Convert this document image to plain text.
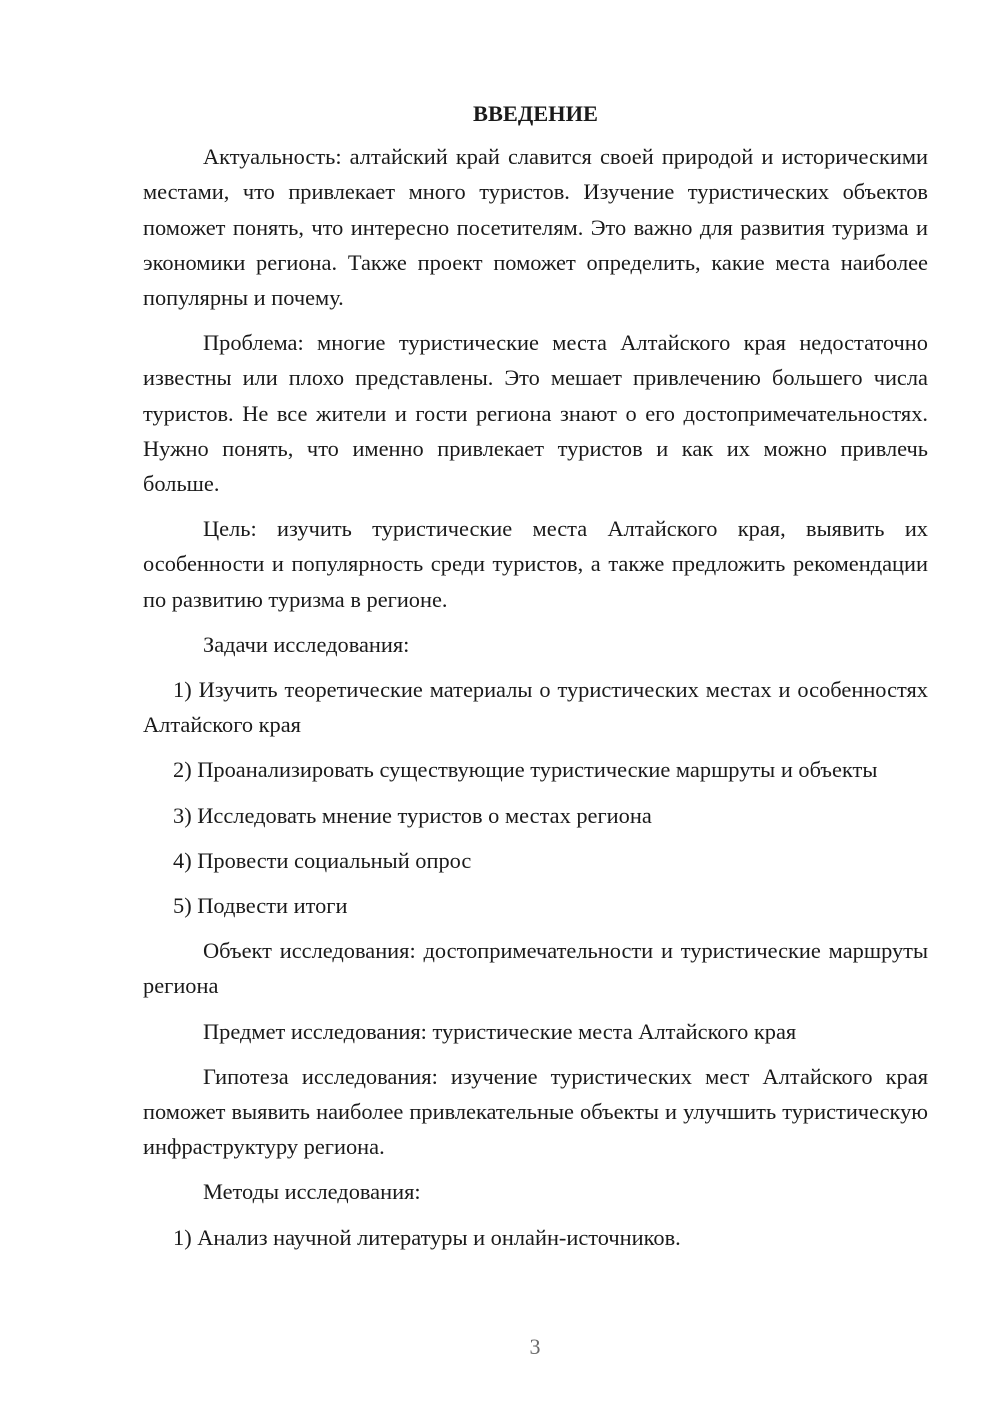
ВВЕДЕНИЕ

Актуальность: алтайский край славится своей природой и историческими местами, что привлекает много туристов. Изучение туристических объектов поможет понять, что интересно посетителям. Это важно для развития туризма и экономики региона. Также проект поможет определить, какие места наиболее популярны и почему.

Проблема: многие туристические места Алтайского края недостаточно известны или плохо представлены. Это мешает привлечению большего числа туристов. Не все жители и гости региона знают о его достопримечательностях. Нужно понять, что именно привлекает туристов и как их можно привлечь больше.

Цель: изучить туристические места Алтайского края, выявить их особенности и популярность среди туристов, а также предложить рекомендации по развитию туризма в регионе.

Задачи исследования:

1) Изучить теоретические материалы о туристических местах и особенностях Алтайского края

2) Проанализировать существующие туристические маршруты и объекты

3) Исследовать мнение туристов о местах региона

4) Провести социальный опрос

5) Подвести итоги

Объект исследования: достопримечательности и туристические маршруты региона

Предмет исследования: туристические места Алтайского края

Гипотеза исследования: изучение туристических мест Алтайского края поможет выявить наиболее привлекательные объекты и улучшить туристическую инфраструктуру региона.

Методы исследования:

1) Анализ научной литературы и онлайн-источников.

3
